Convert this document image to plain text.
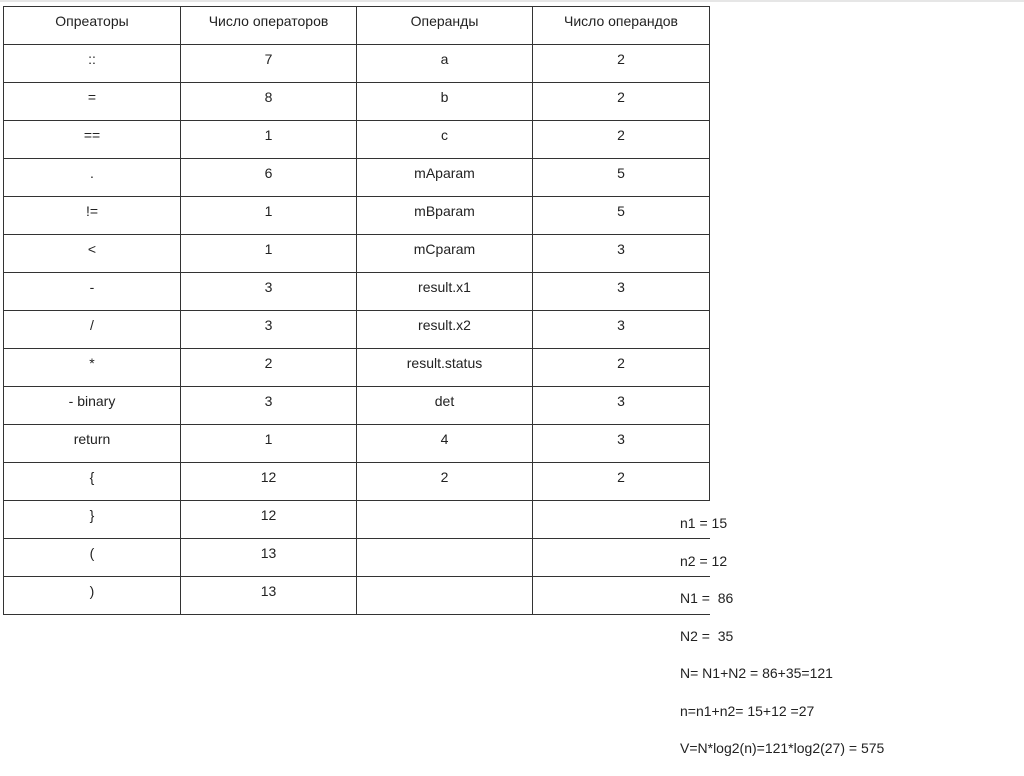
Опреаторы	Число операторов	Операнды	Число операндов

::	7	a	2

=	8	b	2

==	1	c	2

.	6	mAparam	5

!=	1	mBparam	5

<	1	mCparam	3

-	3	result.x1	3

/	3	result.x2	3

*	2	result.status	2

- binary	3	det	3

return	1	4	3

{	12	2	2

}	12		

(	13		

)	13		

n1 = 15
n2 = 12
N1 =  86
N2 =  35
N= N1+N2 = 86+35=121
n=n1+n2= 15+12 =27
V=N*log2(n)=121*log2(27) = 575
